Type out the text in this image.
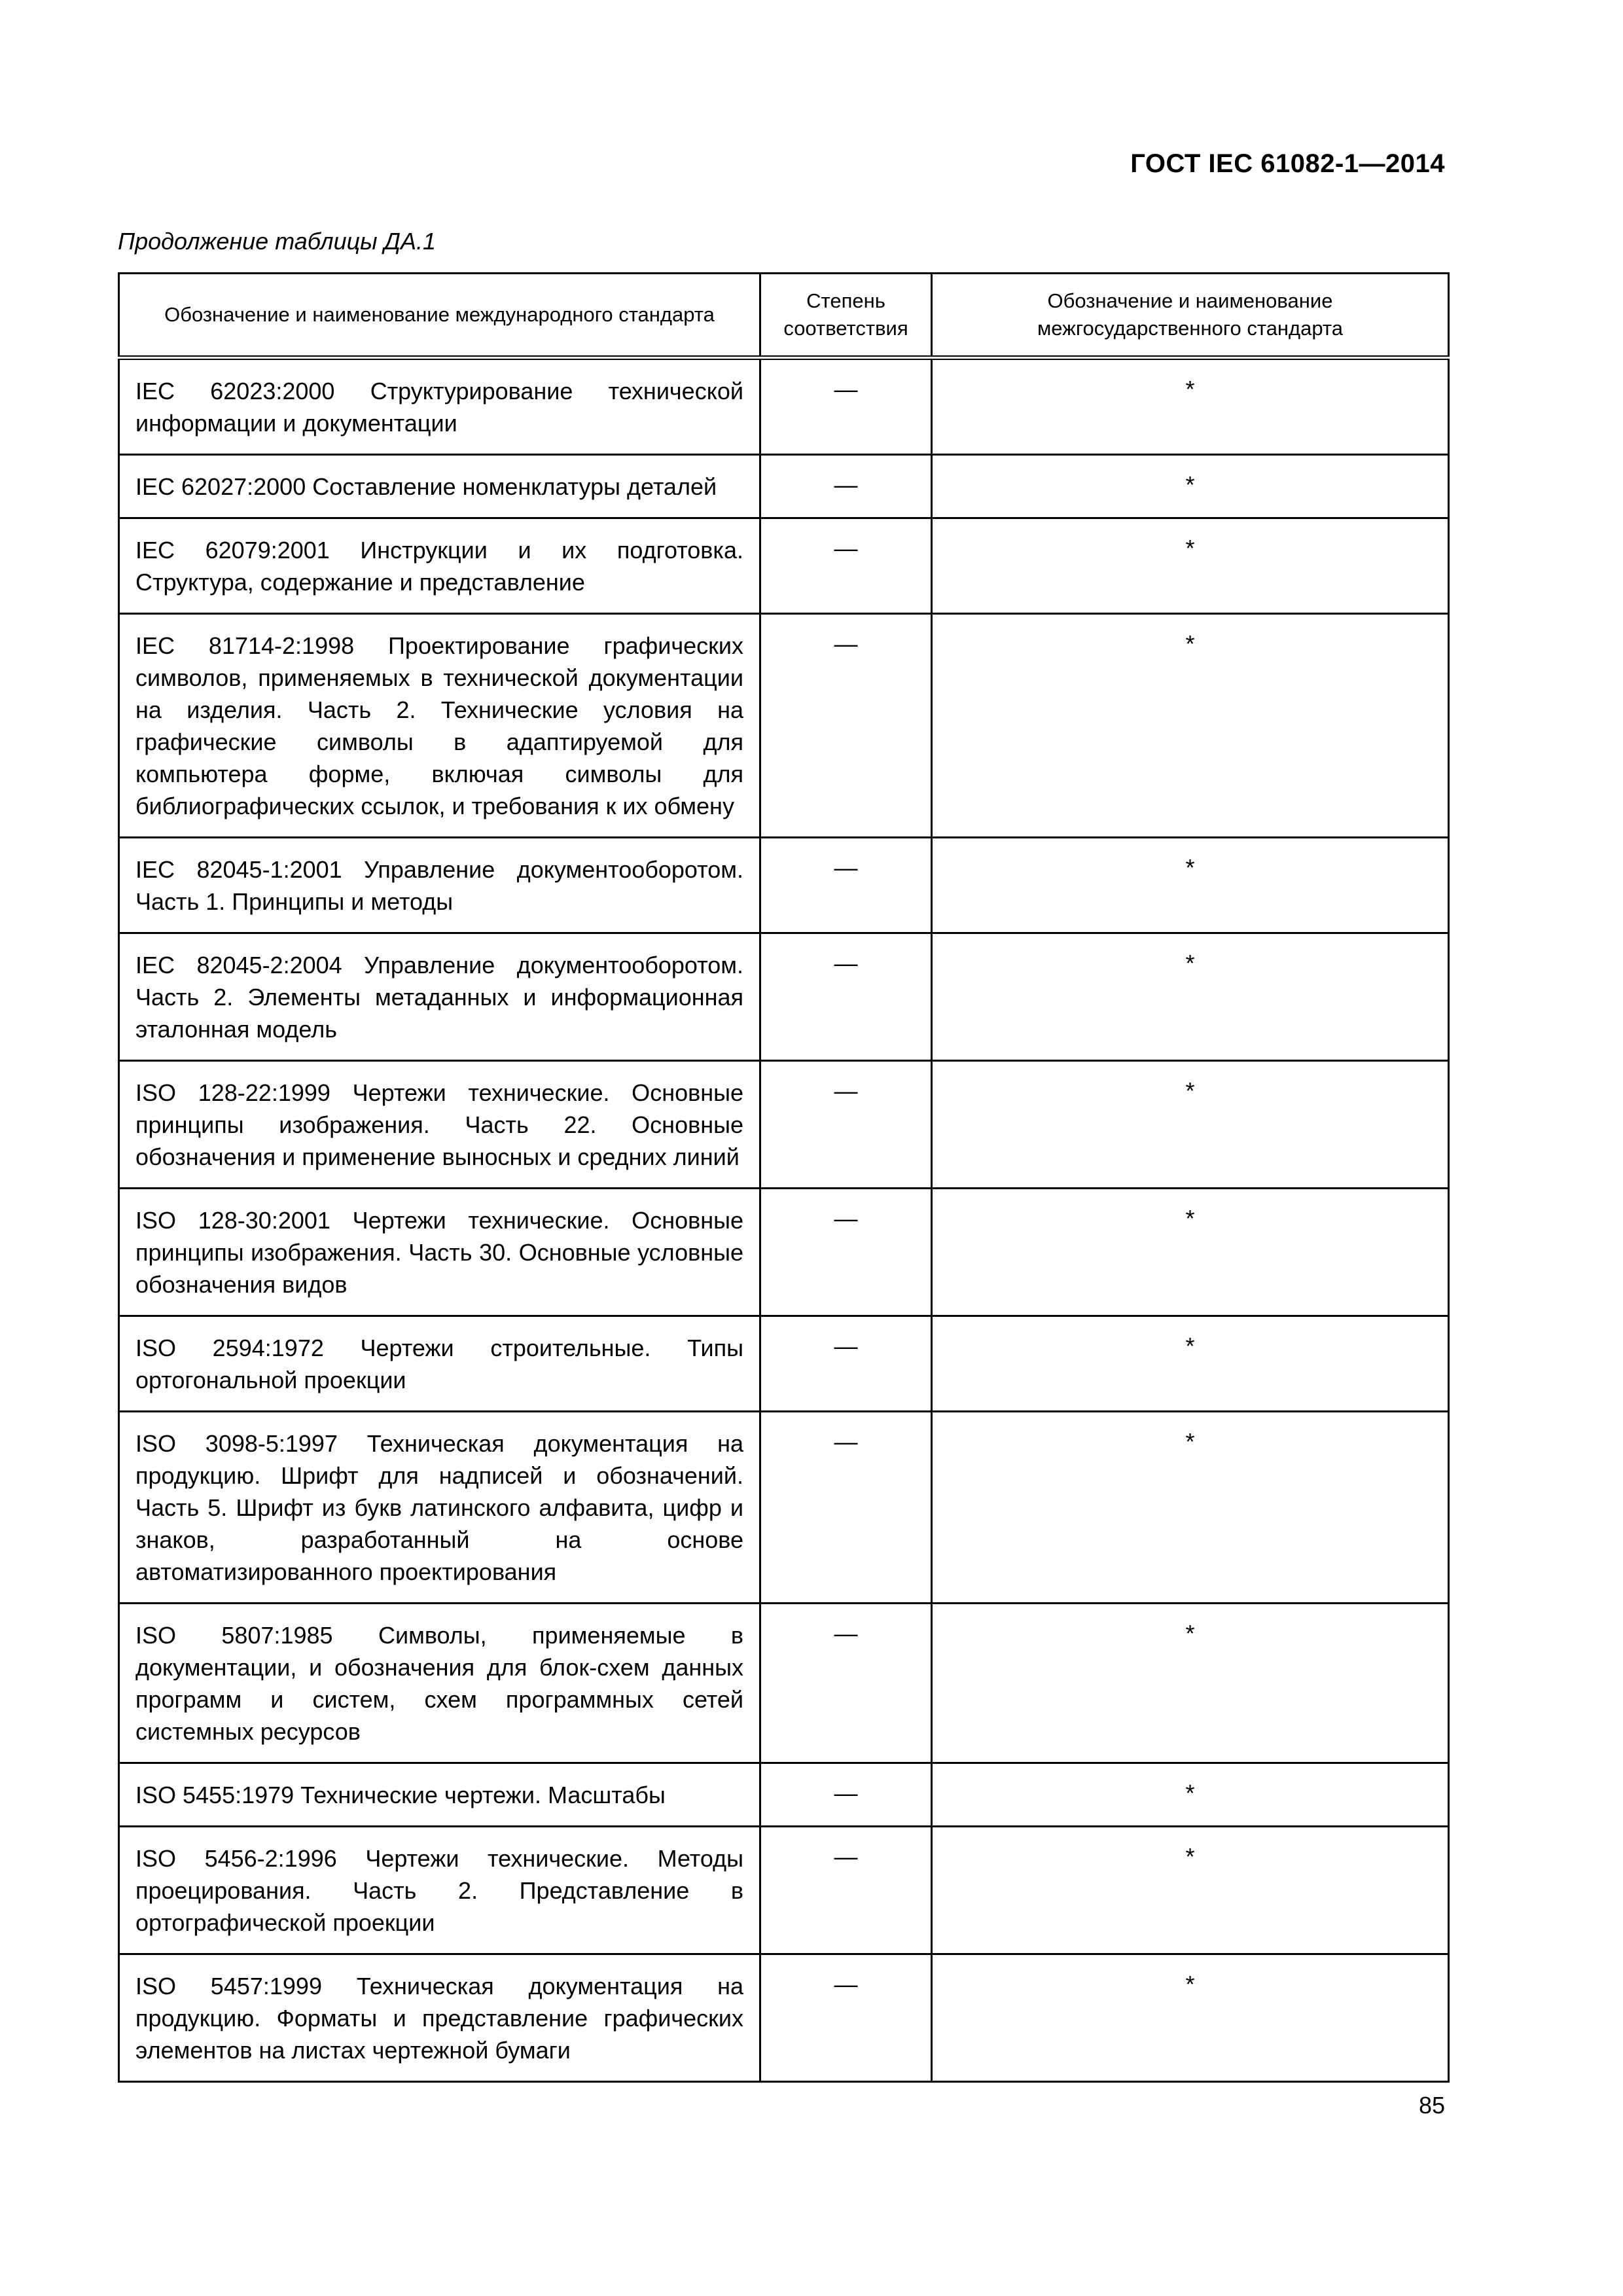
ГОСТ IEC 61082-1—2014
Продолжение таблицы ДА.1
Обозначение и наименование международного стандарта	Степень соответствия	Обозначение и наименование межгосударственного стандарта
IEC 62023:2000 Структурирование технической информации и документации	—	*
IEC 62027:2000 Составление номенклатуры деталей	—	*
IEC 62079:2001 Инструкции и их подготовка. Структура, содержание и представление	—	*
IEC 81714-2:1998 Проектирование графических символов, применяемых в технической документации на изделия. Часть 2. Технические условия на графические символы в адаптируемой для компьютера форме, включая символы для библиографических ссылок, и требования к их обмену	—	*
IEC 82045-1:2001 Управление документооборотом. Часть 1. Принципы и методы	—	*
IEC 82045-2:2004 Управление документооборотом. Часть 2. Элементы метаданных и информационная эталонная модель	—	*
ISO 128-22:1999 Чертежи технические. Основные принципы изображения. Часть 22. Основные обозначения и применение выносных и средних линий	—	*
ISO 128-30:2001 Чертежи технические. Основные принципы изображения. Часть 30. Основные условные обозначения видов	—	*
ISO 2594:1972 Чертежи строительные. Типы ортогональной проекции	—	*
ISO 3098-5:1997 Техническая документация на продукцию. Шрифт для надписей и обозначений. Часть 5. Шрифт из букв латинского алфавита, цифр и знаков, разработанный на основе автоматизированного проектирования	—	*
ISO 5807:1985 Символы, применяемые в документации, и обозначения для блок-схем данных программ и систем, схем программных сетей системных ресурсов	—	*
ISO 5455:1979 Технические чертежи. Масштабы	—	*
ISO 5456-2:1996 Чертежи технические. Методы проецирования. Часть 2. Представление в ортографической проекции	—	*
ISO 5457:1999 Техническая документация на продукцию. Форматы и представление графических элементов на листах чертежной бумаги	—	*
85
